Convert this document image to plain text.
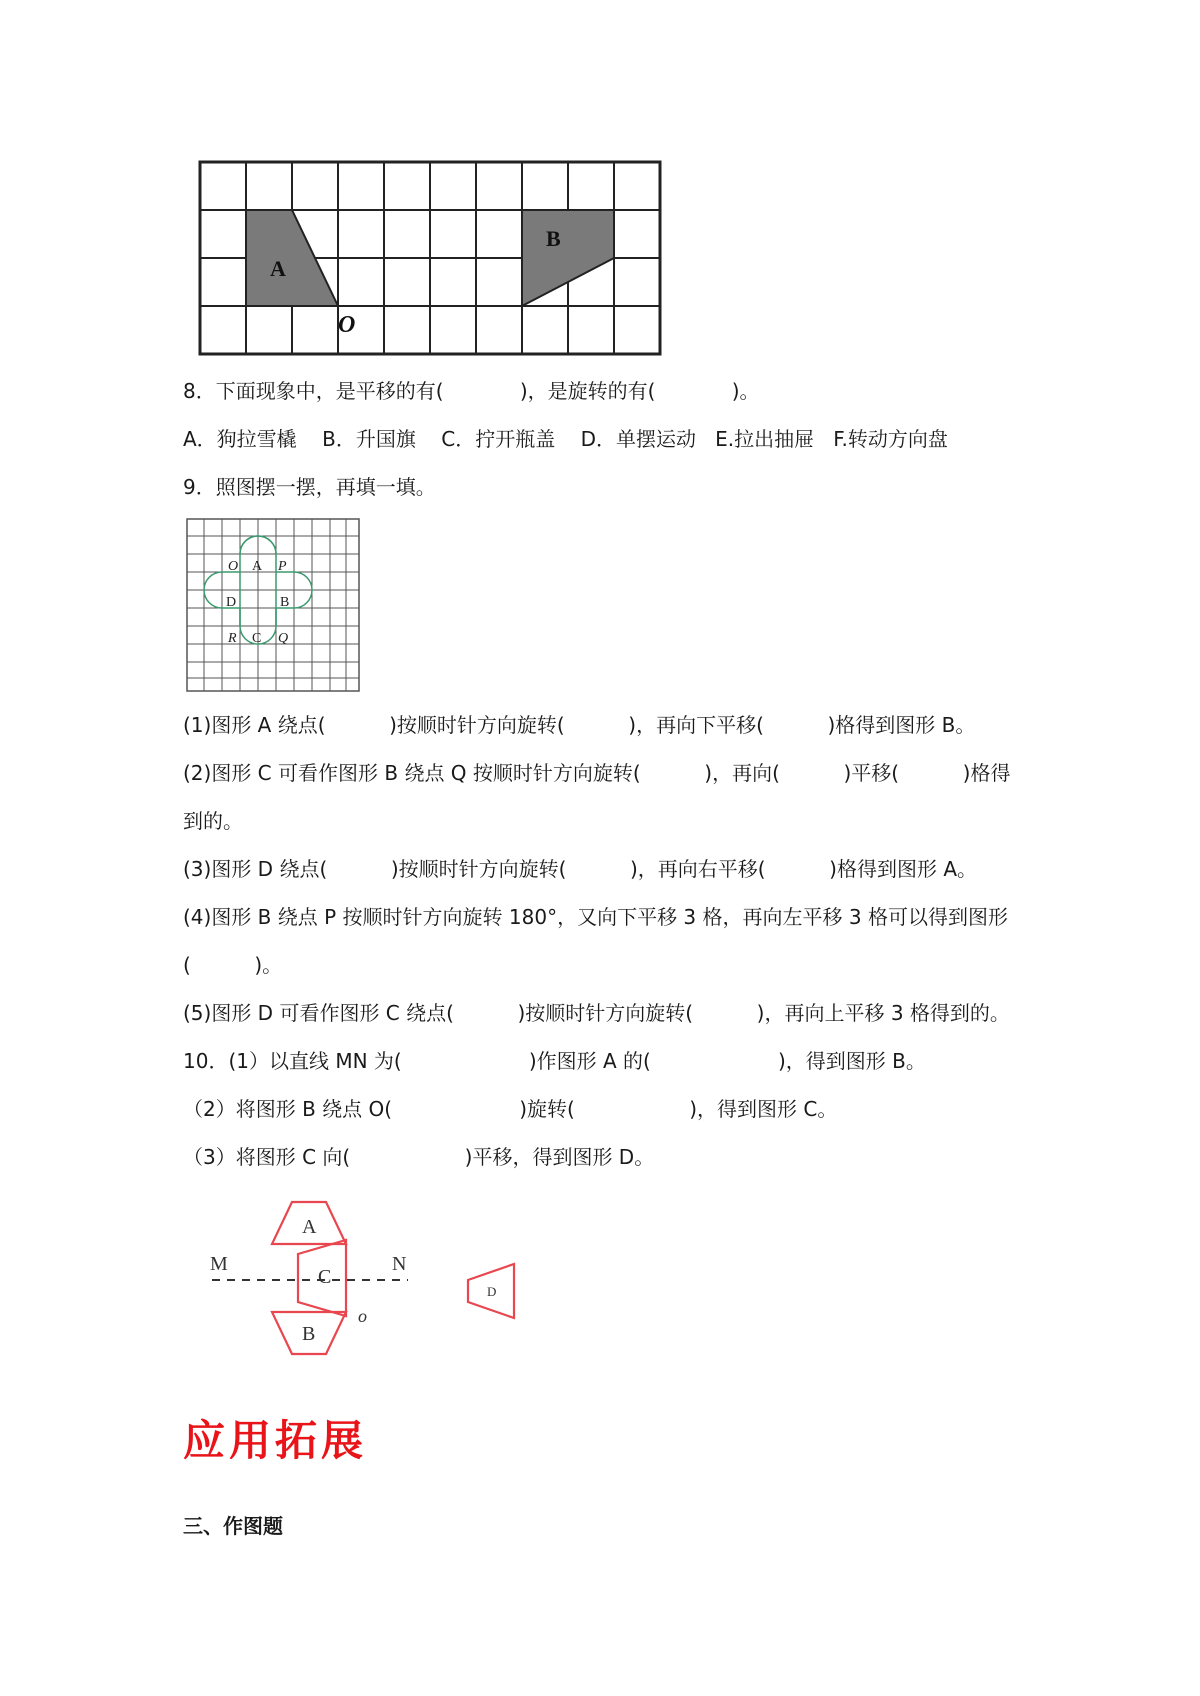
A
B
O
8．下面现象中，是平移的有(            )，是旋转的有(            )。
A．狗拉雪橇    B．升国旗    C．拧开瓶盖    D．单摆运动   E.拉出抽屉   F.转动方向盘
9．照图摆一摆，再填一填。
O A P
D	B
R C Q
(1)图形 A 绕点(          )按顺时针方向旋转(          )，再向下平移(          )格得到图形 B。
(2)图形 C 可看作图形 B 绕点 Q 按顺时针方向旋转(          )，再向(          )平移(          )格得
到的。
(3)图形 D 绕点(          )按顺时针方向旋转(          )，再向右平移(          )格得到图形 A。
(4)图形 B 绕点 P 按顺时针方向旋转 180°，又向下平移 3 格，再向左平移 3 格可以得到图形
(          )。
(5)图形 D 可看作图形 C 绕点(          )按顺时针方向旋转(          )，再向上平移 3 格得到的。
10．(1）以直线 MN 为(                    )作图形 A 的(                    )，得到图形 B。
（2）将图形 B 绕点 O(                    )旋转(                  )，得到图形 C。
（3）将图形 C 向(                  )平移，得到图形 D。
M	N
A
C
B
D
o
应用拓展
三、作图题
